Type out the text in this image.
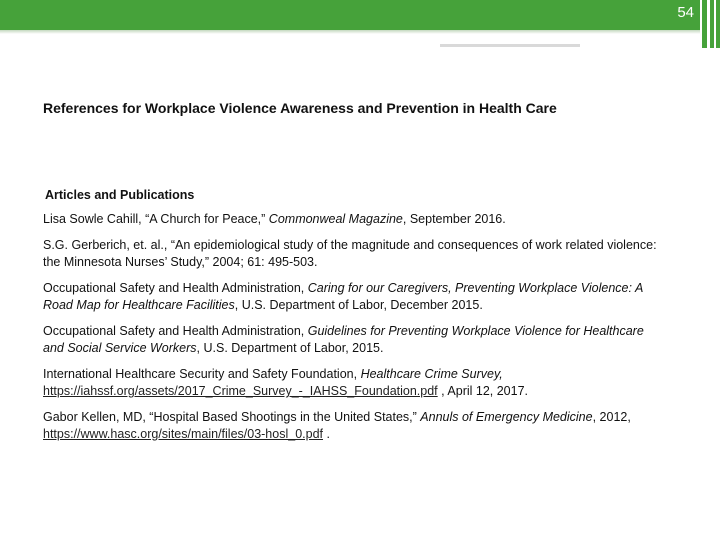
54

References for Workplace Violence Awareness and Prevention in Health Care

Articles and Publications

Lisa Sowle Cahill, “A Church for Peace,” Commonweal Magazine, September 2016.

S.G. Gerberich, et. al., “An epidemiological study of the magnitude and consequences of work related violence: the Minnesota Nurses’ Study,” 2004; 61: 495-503.

Occupational Safety and Health Administration, Caring for our Caregivers, Preventing Workplace Violence: A Road Map for Healthcare Facilities, U.S. Department of Labor, December 2015.

Occupational Safety and Health Administration, Guidelines for Preventing Workplace Violence for Healthcare and Social Service Workers, U.S. Department of Labor, 2015.

International Healthcare Security and Safety Foundation, Healthcare Crime Survey, https://iahssf.org/assets/2017_Crime_Survey_-_IAHSS_Foundation.pdf , April 12, 2017.

Gabor Kellen, MD, “Hospital Based Shootings in the United States,” Annuls of Emergency Medicine, 2012, https://www.hasc.org/sites/main/files/03-hosl_0.pdf .
